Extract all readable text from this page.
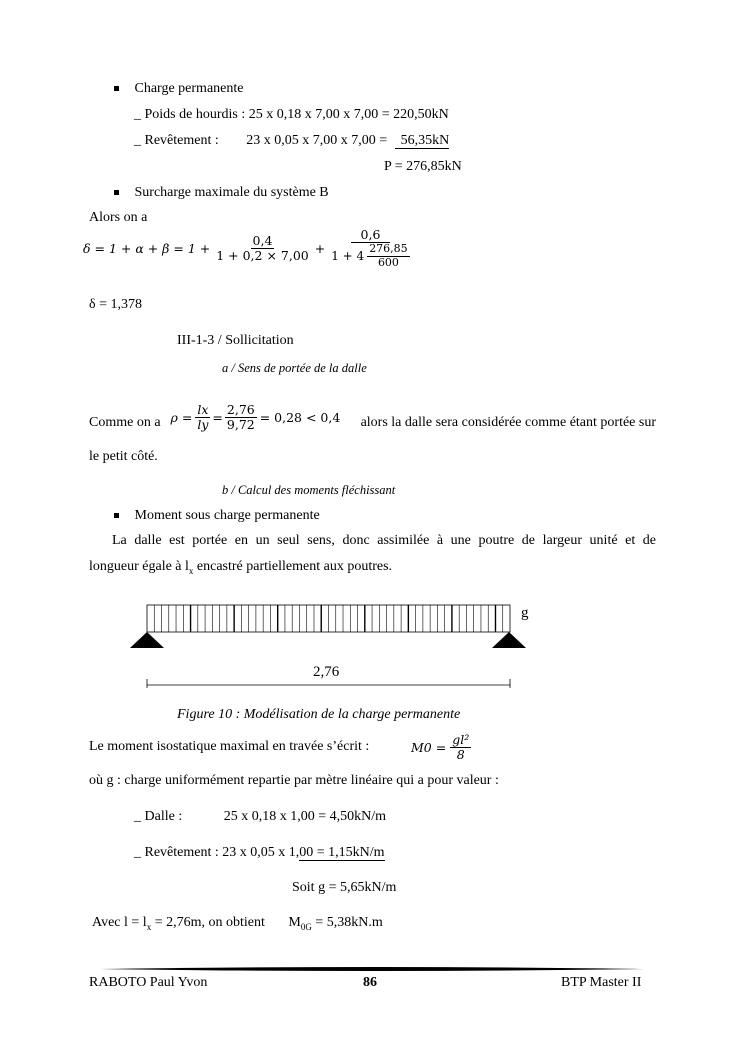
Charge permanente
_ Poids de hourdis : 25 x 0,18 x 7,00 x 7,00 = 220,50kN
_ Revêtement : 23 x 0,05 x 7,00 x 7,00 = 56,35kN
P = 276,85kN
Surcharge maximale du système B
Alors on a
$\delta = 1 + \alpha + \beta = 1 + \frac{0,4}{1 + 0,2 \times 7,00} + \frac{0,6}{1 + 4 \frac{276,85}{600}}$
δ = 1,378
III-1-3 / Sollicitation
a / Sens de portée de la dalle
Comme on a $\rho = \frac{lx}{ly} = \frac{2,76}{9,72} = 0,28 < 0,4$ alors la dalle sera considérée comme étant portée sur
le petit côté.
b / Calcul des moments fléchissant
Moment sous charge permanente
La dalle est portée en un seul sens, donc assimilée à une poutre de largeur unité et de
longueur égale à $l_x$ encastré partiellement aux poutres.
g
2,76
Figure 10 : Modélisation de la charge permanente
Le moment isostatique maximal en travée s’écrit :	$M0 = \frac{\text{gl²}}{8}$
où g : charge uniformément repartie par mètre linéaire qui a pour valeur :
_ Dalle :	25 x 0,18 x 1,00 = 4,50kN/m
_ Revêtement : 23 x 0,05 x 1,00 = 1,15kN/m
Soit g = 5,65kN/m
Avec $l = l_x = 2,76m$, on obtient $M_{0G} = 5,38kN.m$
RABOTO Paul Yvon	86	BTP Master II
